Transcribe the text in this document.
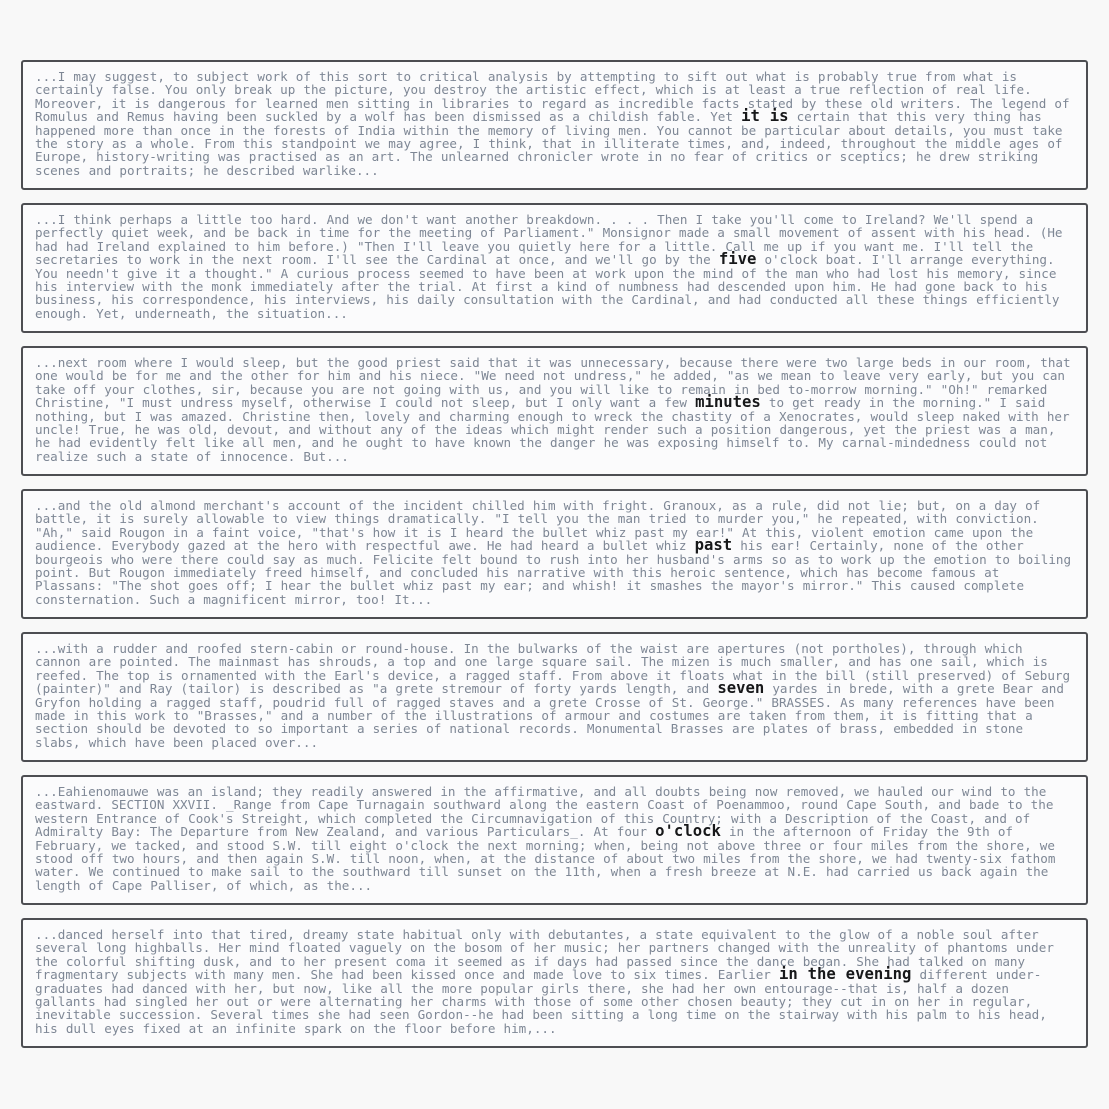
...I may suggest, to subject work of this sort to critical analysis by attempting to sift out what is probably true from what is certainly false. You only break up the picture, you destroy the artistic effect, which is at least a true reflection of real life. Moreover, it is dangerous for learned men sitting in libraries to regard as incredible facts stated by these old writers. The legend of Romulus and Remus having been suckled by a wolf has been dismissed as a childish fable. Yet it is certain that this very thing has happened more than once in the forests of India within the memory of living men. You cannot be particular about details, you must take the story as a whole. From this standpoint we may agree, I think, that in illiterate times, and, indeed, throughout the middle ages of Europe, history-writing was practised as an art. The unlearned chronicler wrote in no fear of critics or sceptics; he drew striking scenes and portraits; he described warlike...
...I think perhaps a little too hard. And we don't want another breakdown. . . . Then I take you'll come to Ireland? We'll spend a perfectly quiet week, and be back in time for the meeting of Parliament." Monsignor made a small movement of assent with his head. (He had had Ireland explained to him before.) "Then I'll leave you quietly here for a little. Call me up if you want me. I'll tell the secretaries to work in the next room. I'll see the Cardinal at once, and we'll go by the five o'clock boat. I'll arrange everything. You needn't give it a thought." A curious process seemed to have been at work upon the mind of the man who had lost his memory, since his interview with the monk immediately after the trial. At first a kind of numbness had descended upon him. He had gone back to his business, his correspondence, his interviews, his daily consultation with the Cardinal, and had conducted all these things efficiently enough. Yet, underneath, the situation...
...next room where I would sleep, but the good priest said that it was unnecessary, because there were two large beds in our room, that one would be for me and the other for him and his niece. "We need not undress," he added, "as we mean to leave very early, but you can take off your clothes, sir, because you are not going with us, and you will like to remain in bed to-morrow morning." "Oh!" remarked Christine, "I must undress myself, otherwise I could not sleep, but I only want a few minutes to get ready in the morning." I said nothing, but I was amazed. Christine then, lovely and charming enough to wreck the chastity of a Xenocrates, would sleep naked with her uncle! True, he was old, devout, and without any of the ideas which might render such a position dangerous, yet the priest was a man, he had evidently felt like all men, and he ought to have known the danger he was exposing himself to. My carnal-mindedness could not realize such a state of innocence. But...
...and the old almond merchant's account of the incident chilled him with fright. Granoux, as a rule, did not lie; but, on a day of battle, it is surely allowable to view things dramatically. "I tell you the man tried to murder you," he repeated, with conviction. "Ah," said Rougon in a faint voice, "that's how it is I heard the bullet whiz past my ear!" At this, violent emotion came upon the audience. Everybody gazed at the hero with respectful awe. He had heard a bullet whiz past his ear! Certainly, none of the other bourgeois who were there could say as much. Felicite felt bound to rush into her husband's arms so as to work up the emotion to boiling point. But Rougon immediately freed himself, and concluded his narrative with this heroic sentence, which has become famous at Plassans: "The shot goes off; I hear the bullet whiz past my ear; and whish! it smashes the mayor's mirror." This caused complete consternation. Such a magnificent mirror, too! It...
...with a rudder and roofed stern-cabin or round-house. In the bulwarks of the waist are apertures (not portholes), through which cannon are pointed. The mainmast has shrouds, a top and one large square sail. The mizen is much smaller, and has one sail, which is reefed. The top is ornamented with the Earl's device, a ragged staff. From above it floats what in the bill (still preserved) of Seburg (painter)" and Ray (tailor) is described as "a grete stremour of forty yards length, and seven yardes in brede, with a grete Bear and Gryfon holding a ragged staff, poudrid full of ragged staves and a grete Crosse of St. George." BRASSES. As many references have been made in this work to "Brasses," and a number of the illustrations of armour and costumes are taken from them, it is fitting that a section should be devoted to so important a series of national records. Monumental Brasses are plates of brass, embedded in stone slabs, which have been placed over...
...Eahienomauwe was an island; they readily answered in the affirmative, and all doubts being now removed, we hauled our wind to the eastward. SECTION XXVII. _Range from Cape Turnagain southward along the eastern Coast of Poenammoo, round Cape South, and bade to the western Entrance of Cook's Streight, which completed the Circumnavigation of this Country; with a Description of the Coast, and of Admiralty Bay: The Departure from New Zealand, and various Particulars_. At four o'clock in the afternoon of Friday the 9th of February, we tacked, and stood S.W. till eight o'clock the next morning; when, being not above three or four miles from the shore, we stood off two hours, and then again S.W. till noon, when, at the distance of about two miles from the shore, we had twenty-six fathom water. We continued to make sail to the southward till sunset on the 11th, when a fresh breeze at N.E. had carried us back again the length of Cape Palliser, of which, as the...
...danced herself into that tired, dreamy state habitual only with debutantes, a state equivalent to the glow of a noble soul after several long highballs. Her mind floated vaguely on the bosom of her music; her partners changed with the unreality of phantoms under the colorful shifting dusk, and to her present coma it seemed as if days had passed since the dance began. She had talked on many fragmentary subjects with many men. She had been kissed once and made love to six times. Earlier in the evening different under-graduates had danced with her, but now, like all the more popular girls there, she had her own entourage--that is, half a dozen gallants had singled her out or were alternating her charms with those of some other chosen beauty; they cut in on her in regular, inevitable succession. Several times she had seen Gordon--he had been sitting a long time on the stairway with his palm to his head, his dull eyes fixed at an infinite spark on the floor before him,...
